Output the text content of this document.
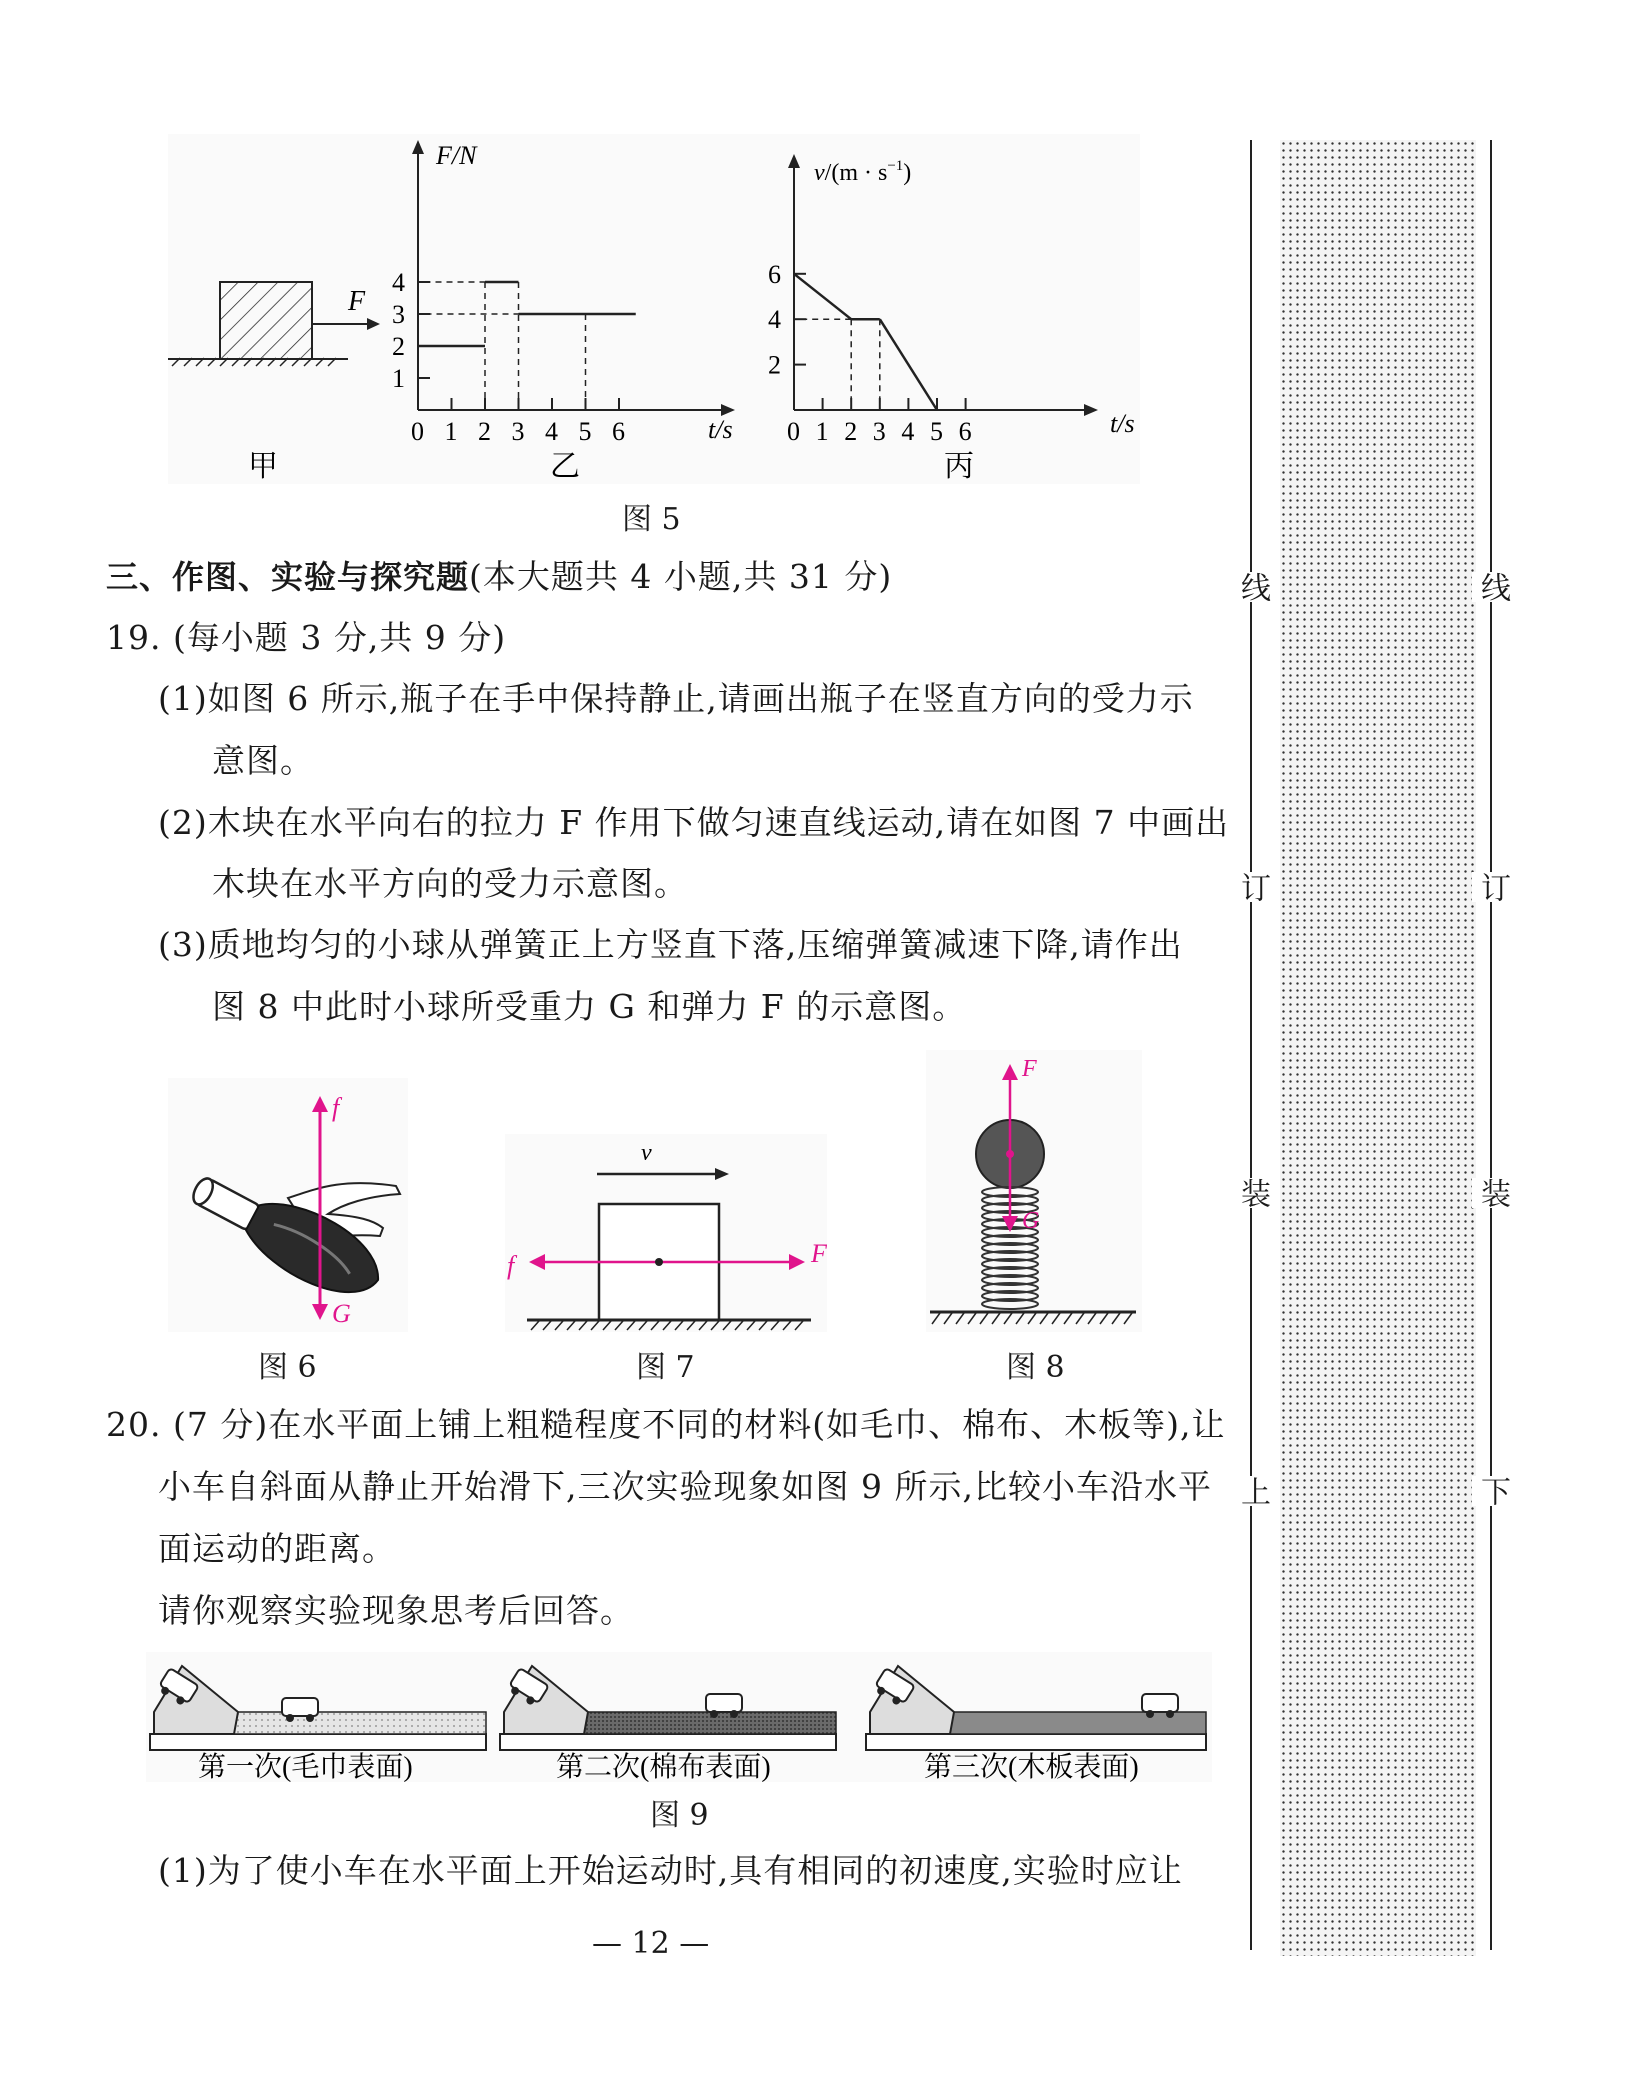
F
甲
F/N
t/s
1
2
3
4
0 1 2 3 4 5 6
乙
$v/(m \cdot s^{-1})$
t/s
2
4
6
0 1 2 3 4 5 6
丙
图 5
三、作图、实验与探究题(本大题共 4 小题,共 31 分)
19. (每小题 3 分,共 9 分)
(1)如图 6 所示,瓶子在手中保持静止,请画出瓶子在竖直方向的受力示
意图。
(2)木块在水平向右的拉力 F 作用下做匀速直线运动,请在如图 7 中画出
木块在水平方向的受力示意图。
(3)质地均匀的小球从弹簧正上方竖直下落,压缩弹簧减速下降,请作出
图 8 中此时小球所受重力 G 和弹力 F 的示意图。
f
G
图 6
v
f	F
图 7
F
G
图 8
20. (7 分)在水平面上铺上粗糙程度不同的材料(如毛巾、棉布、木板等),让
小车自斜面从静止开始滑下,三次实验现象如图 9 所示,比较小车沿水平
面运动的距离。
请你观察实验现象思考后回答。
第一次(毛巾表面)	第二次(棉布表面)	第三次(木板表面)
图 9
(1)为了使小车在水平面上开始运动时,具有相同的初速度,实验时应让
— 12 —
线
订
装
上
线
订
装
下
